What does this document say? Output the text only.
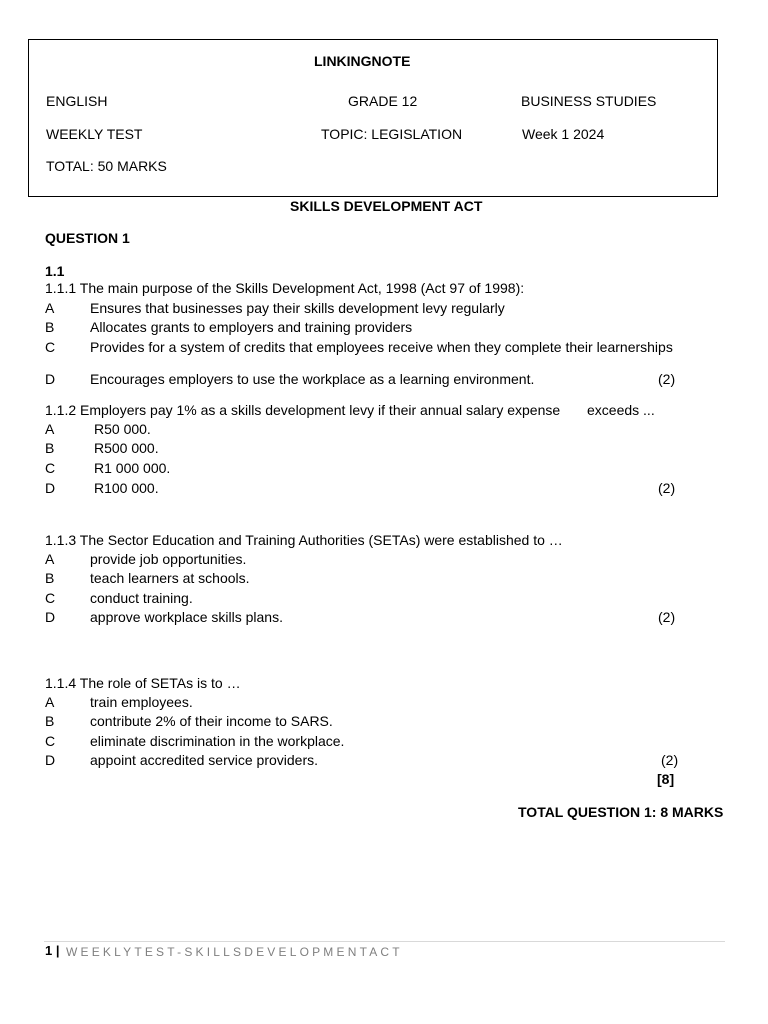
LINKINGNOTE
ENGLISH	GRADE 12	BUSINESS STUDIES
WEEKLY TEST	TOPIC: LEGISLATION	Week 1 2024
TOTAL: 50 MARKS
SKILLS DEVELOPMENT ACT
QUESTION 1
1.1
1.1.1 The main purpose of the Skills Development Act, 1998 (Act 97 of 1998):
A	Ensures that businesses pay their skills development levy regularly
B	Allocates grants to employers and training providers
C Provides for a system of credits that employees receive when they complete their learnerships
D Encourages employers to use the workplace as a learning environment.	(2)
1.1.2 Employers pay 1% as a skills development levy if their annual salary expense exceeds ...
A	R50 000.
B	R500 000.
C	R1 000 000.
D	R100 000.	(2)
1.1.3 The Sector Education and Training Authorities (SETAs) were established to …
A	provide job opportunities.
B	teach learners at schools.
C conduct training.
D approve workplace skills plans.	(2)
1.1.4 The role of SETAs is to …
A	train employees.
B	contribute 2% of their income to SARS.
C eliminate discrimination in the workplace.
D appoint accredited service providers.	(2)
[8]
TOTAL QUESTION 1: 8 MARKS
1 | WEEKLYTEST-SKILLSDEVELOPMENTACT
